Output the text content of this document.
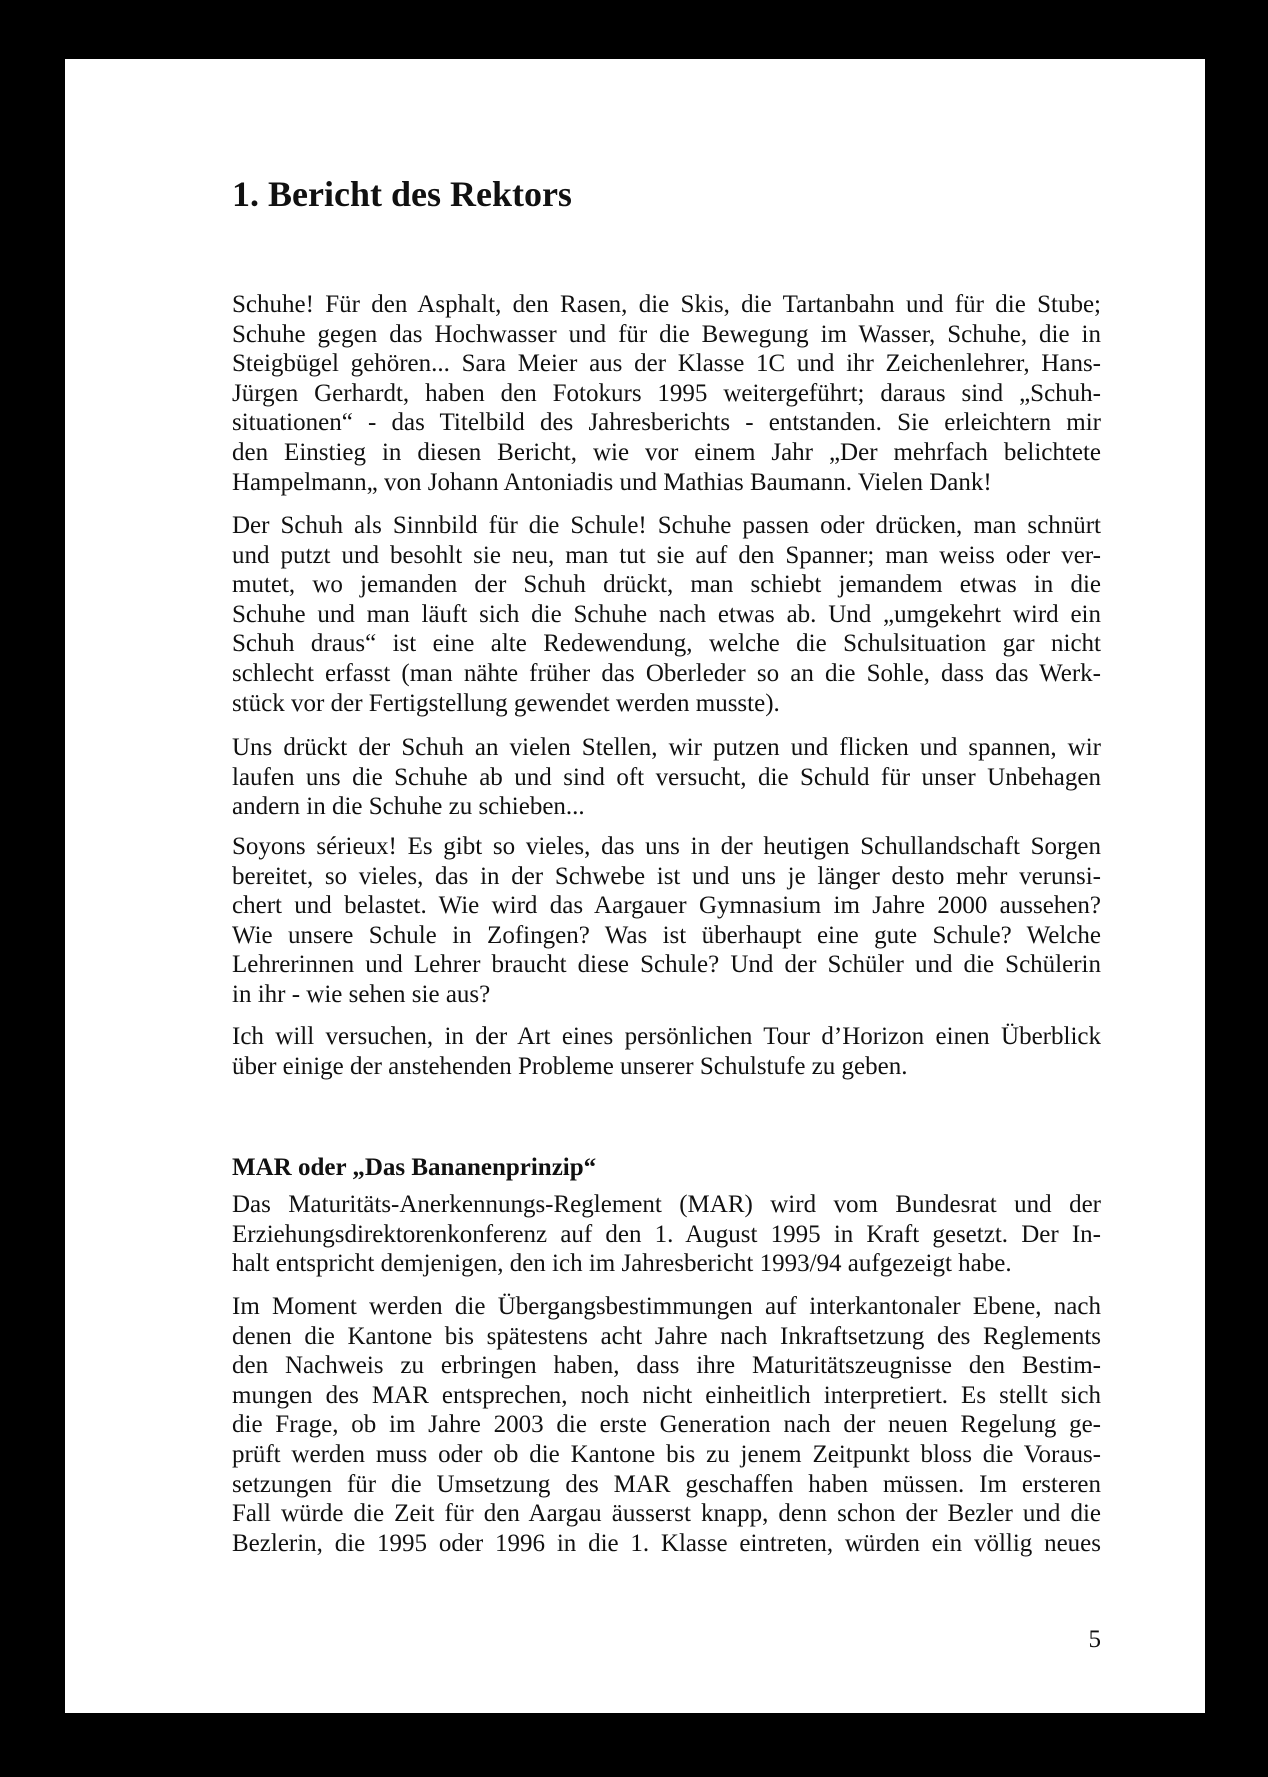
1. Bericht des Rektors
Schuhe! Für den Asphalt, den Rasen, die Skis, die Tartanbahn und für die Stube;
Schuhe gegen das Hochwasser und für die Bewegung im Wasser, Schuhe, die in
Steigbügel gehören... Sara Meier aus der Klasse 1C und ihr Zeichenlehrer, Hans-
Jürgen Gerhardt, haben den Fotokurs 1995 weitergeführt; daraus sind „Schuh-
situationen“ - das Titelbild des Jahresberichts - entstanden. Sie erleichtern mir
den Einstieg in diesen Bericht, wie vor einem Jahr „Der mehrfach belichtete
Hampelmann„ von Johann Antoniadis und Mathias Baumann. Vielen Dank!
Der Schuh als Sinnbild für die Schule! Schuhe passen oder drücken, man schnürt
und putzt und besohlt sie neu, man tut sie auf den Spanner; man weiss oder ver-
mutet, wo jemanden der Schuh drückt, man schiebt jemandem etwas in die
Schuhe und man läuft sich die Schuhe nach etwas ab. Und „umgekehrt wird ein
Schuh draus“ ist eine alte Redewendung, welche die Schulsituation gar nicht
schlecht erfasst (man nähte früher das Oberleder so an die Sohle, dass das Werk-
stück vor der Fertigstellung gewendet werden musste).
Uns drückt der Schuh an vielen Stellen, wir putzen und flicken und spannen, wir
laufen uns die Schuhe ab und sind oft versucht, die Schuld für unser Unbehagen
andern in die Schuhe zu schieben...
Soyons sérieux! Es gibt so vieles, das uns in der heutigen Schullandschaft Sorgen
bereitet, so vieles, das in der Schwebe ist und uns je länger desto mehr verunsi-
chert und belastet. Wie wird das Aargauer Gymnasium im Jahre 2000 aussehen?
Wie unsere Schule in Zofingen? Was ist überhaupt eine gute Schule? Welche
Lehrerinnen und Lehrer braucht diese Schule? Und der Schüler und die Schülerin
in ihr - wie sehen sie aus?
Ich will versuchen, in der Art eines persönlichen Tour d’Horizon einen Überblick
über einige der anstehenden Probleme unserer Schulstufe zu geben.
MAR oder „Das Bananenprinzip“
Das Maturitäts-Anerkennungs-Reglement (MAR) wird vom Bundesrat und der
Erziehungsdirektorenkonferenz auf den 1. August 1995 in Kraft gesetzt. Der In-
halt entspricht demjenigen, den ich im Jahresbericht 1993/94 aufgezeigt habe.
Im Moment werden die Übergangsbestimmungen auf interkantonaler Ebene, nach
denen die Kantone bis spätestens acht Jahre nach Inkraftsetzung des Reglements
den Nachweis zu erbringen haben, dass ihre Maturitätszeugnisse den Bestim-
mungen des MAR entsprechen, noch nicht einheitlich interpretiert. Es stellt sich
die Frage, ob im Jahre 2003 die erste Generation nach der neuen Regelung ge-
prüft werden muss oder ob die Kantone bis zu jenem Zeitpunkt bloss die Voraus-
setzungen für die Umsetzung des MAR geschaffen haben müssen. Im ersteren
Fall würde die Zeit für den Aargau äusserst knapp, denn schon der Bezler und die
Bezlerin, die 1995 oder 1996 in die 1. Klasse eintreten, würden ein völlig neues
5
